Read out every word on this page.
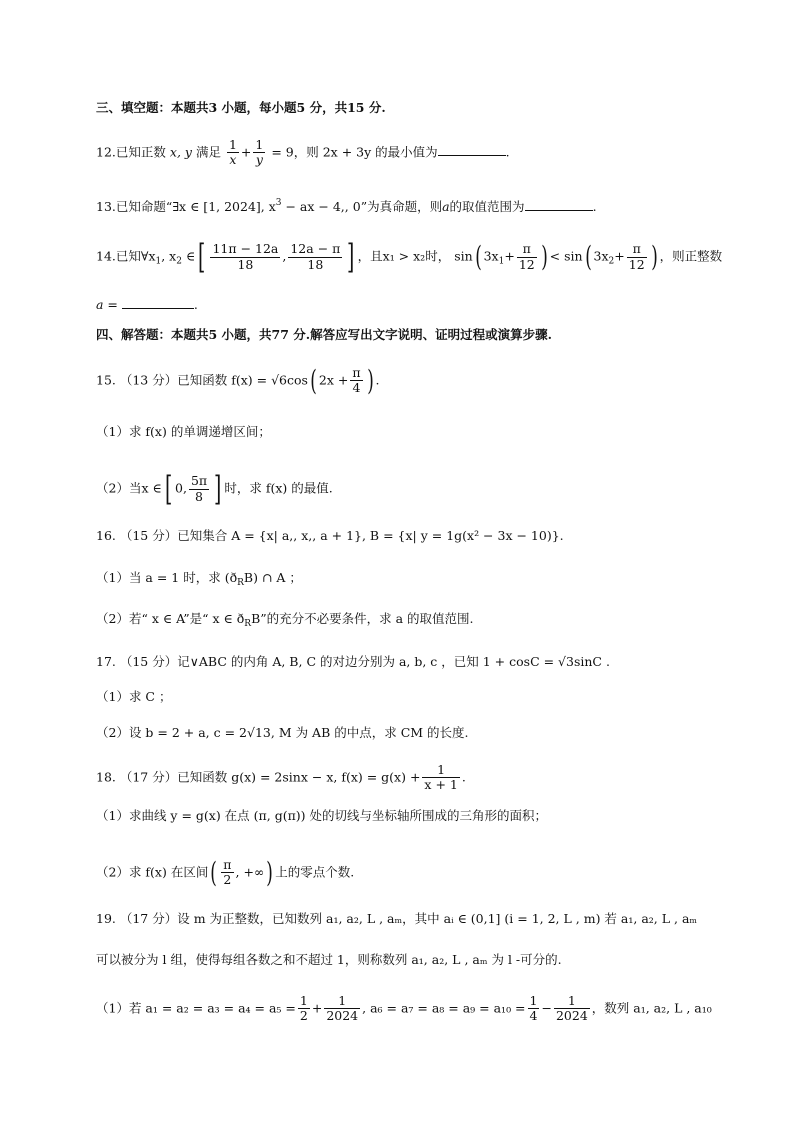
三、填空题：本题共3 小题，每小题5 分，共15 分.
12.已知正数 x, y 满足 $\frac{1}{x} + \frac{1}{y} = 9$，则 2x + 3y 的最小值为	.
13.已知命题“∃x ∈ [1, 2024], $x^3$ − ax − 4,, 0”为真命题，则a的取值范围为	.
14.已知$\forall x_1$, $x_2$ ∈[ $\frac{11\pi - 12a}{18}$ , $\frac{12a - \pi}{18}$ ] ，且x₁ > x₂时， sin( $3x_1+ \frac{\pi}{12}$ ) < sin( $3x_2+ \frac{\pi}{12}$ ) ，则正整数
a =	.
四、解答题：本题共5 小题，共77 分.解答应写出文字说明、证明过程或演算步骤.
15. （13 分）已知函数 f(x) = √6cos( $2x + \frac{\pi}{4}$ ) .
（1）求 f(x) 的单调递增区间；
（2）当x ∈[ 0, $\frac{5\pi}{8}$ ] 时，求 f(x) 的最值.
16. （15 分）已知集合 A = {x| a,, x,, a + 1}, B = {x| y = 1g(x² − 3x − 10)}.
（1）当 a = 1 时，求 $(ð_RB)$ ∩ A ；
（2）若“ x ∈ A”是“ x ∈ $ð_RB$”的充分不必要条件，求 a 的取值范围.
17. （15 分）记∨ABC 的内角 A, B, C 的对边分别为 a, b, c ，已知 1 + cosC = √3sinC .
（1）求 C ；
（2）设 b = 2 + a, c = 2√13, M 为 AB 的中点，求 CM 的长度.
18. （17 分）已知函数 g(x) = 2sinx − x, $f(x) = g(x) + \frac{1}{x + 1}$ .
（1）求曲线 y = g(x) 在点 (π, g(π)) 处的切线与坐标轴所围成的三角形的面积；
（2）求 f(x) 在区间( $\frac{\pi}{2}$ , +∞) 上的零点个数.
19. （17 分）设 m 为正整数，已知数列 a₁, a₂, L , aₘ，其中 aᵢ ∈ (0,1] (i = 1, 2, L , m) 若 a₁, a₂, L , aₘ
可以被分为 l 组，使得每组各数之和不超过 1，则称数列 a₁, a₂, L , aₘ 为 l -可分的.
（1）若 $a_1 = a_2 = a_3 = a_4 = a_5 = \frac{1}{2} + \frac{1}{2024}$ , $a_6 = a_7 = a_8 = a_9 = a_{10} = \frac{1}{4} - \frac{1}{2024}$ ，数列 a₁, a₂, L , a₁₀
